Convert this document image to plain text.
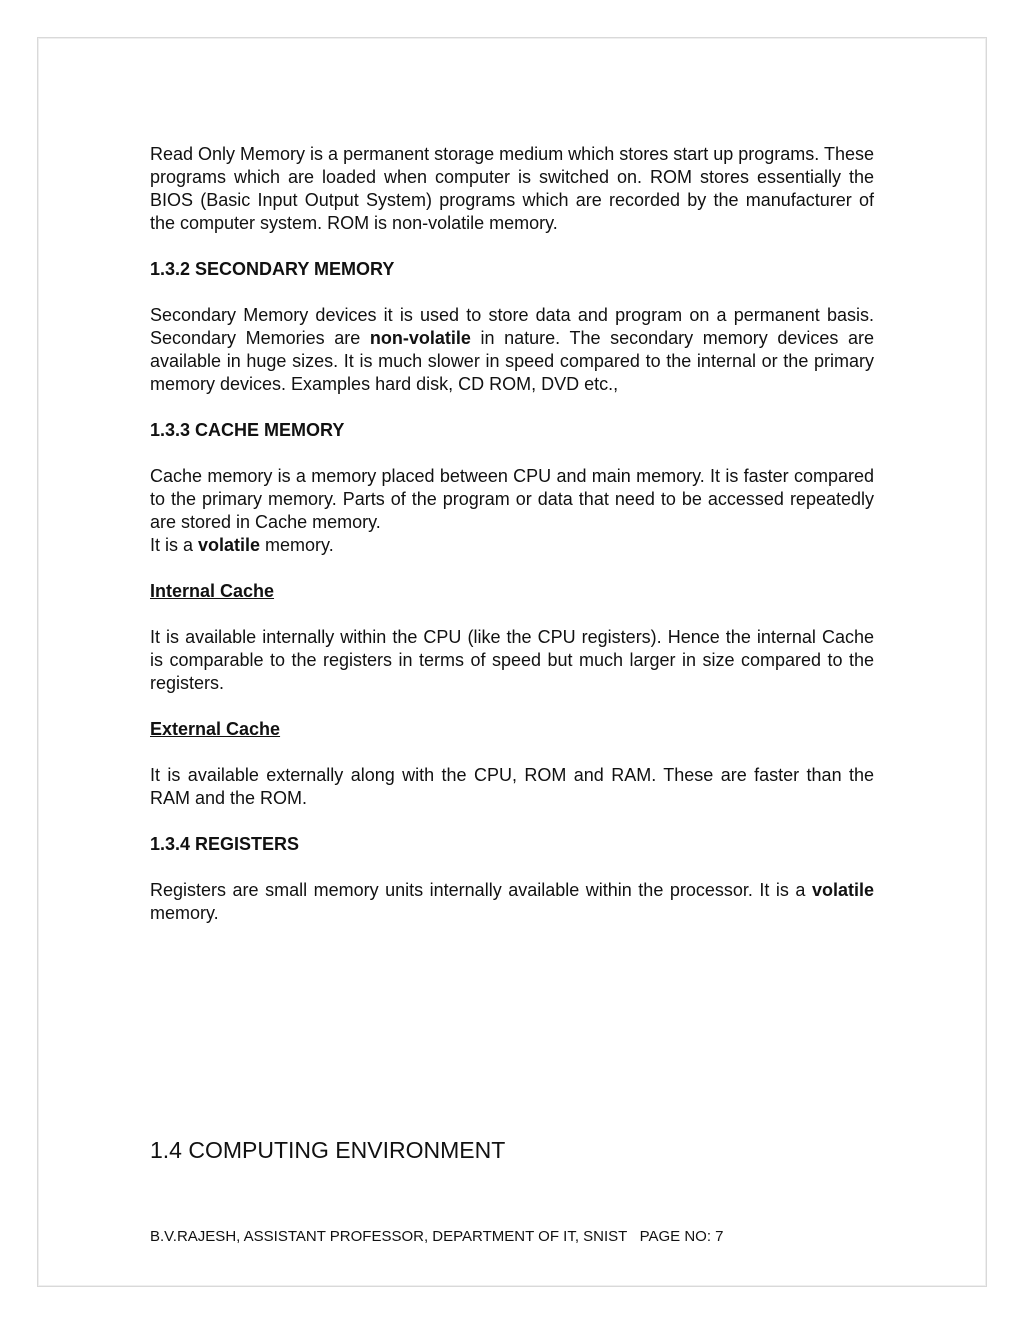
Read Only Memory is a permanent storage medium which stores start up programs. These programs which are loaded when computer is switched on. ROM stores essentially the BIOS (Basic Input Output System) programs which are recorded by the manufacturer of the computer system. ROM is non-volatile memory.

1.3.2 SECONDARY MEMORY

Secondary Memory devices it is used to store data and program on a permanent basis. Secondary Memories are non-volatile in nature. The secondary memory devices are available in huge sizes. It is much slower in speed compared to the internal or the primary memory devices. Examples hard disk, CD ROM, DVD etc.,

1.3.3 CACHE MEMORY

Cache memory is a memory placed between CPU and main memory. It is faster compared to the primary memory. Parts of the program or data that need to be accessed repeatedly are stored in Cache memory.

It is a volatile memory.

Internal Cache

It is available internally within the CPU (like the CPU registers). Hence the internal Cache is comparable to the registers in terms of speed but much larger in size compared to the registers.

External Cache

It is available externally along with the CPU, ROM and RAM. These are faster than the RAM and the ROM.

1.3.4 REGISTERS

Registers are small memory units internally available within the processor. It is a volatile memory.

1.4 COMPUTING ENVIRONMENT
B.V.RAJESH, ASSISTANT PROFESSOR, DEPARTMENT OF IT, SNIST PAGE NO: 7
